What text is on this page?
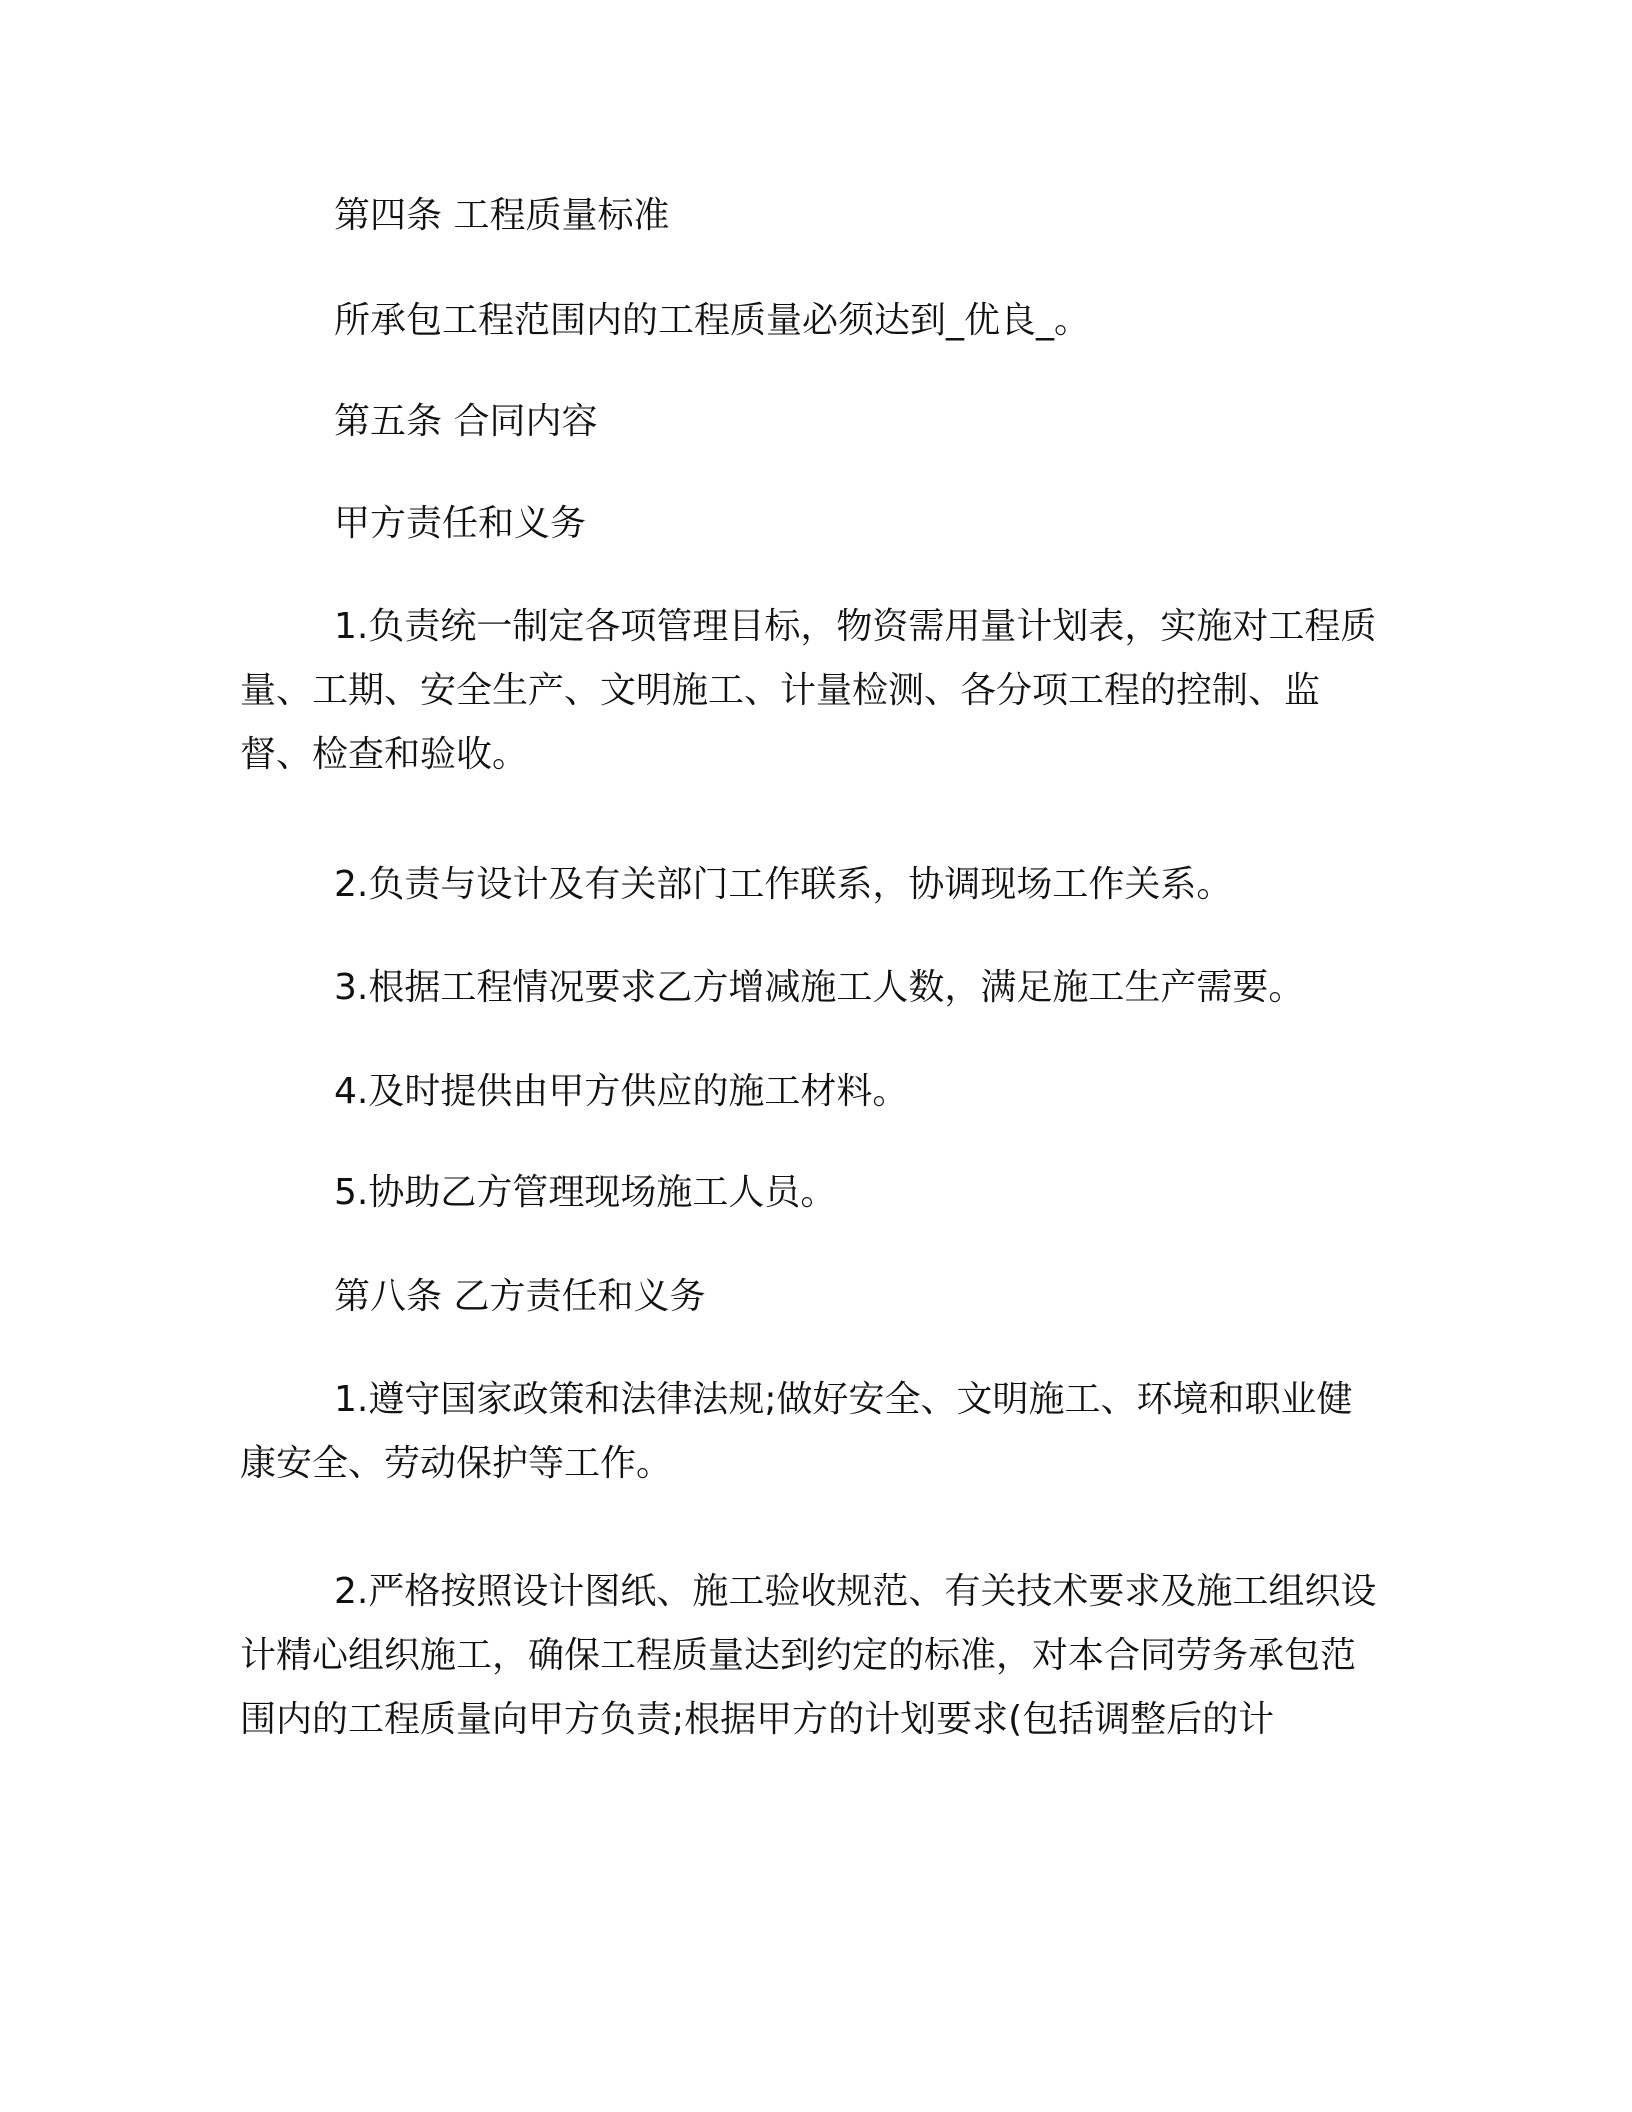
第四条 工程质量标准

所承包工程范围内的工程质量必须达到_优良_。

第五条 合同内容

甲方责任和义务

1.负责统一制定各项管理目标，物资需用量计划表，实施对工程质量、工期、安全生产、文明施工、计量检测、各分项工程的控制、监督、检查和验收。

2.负责与设计及有关部门工作联系，协调现场工作关系。

3.根据工程情况要求乙方增减施工人数，满足施工生产需要。

4.及时提供由甲方供应的施工材料。

5.协助乙方管理现场施工人员。

第八条 乙方责任和义务

1.遵守国家政策和法律法规;做好安全、文明施工、环境和职业健康安全、劳动保护等工作。

2.严格按照设计图纸、施工验收规范、有关技术要求及施工组织设计精心组织施工，确保工程质量达到约定的标准，对本合同劳务承包范围内的工程质量向甲方负责;根据甲方的计划要求(包括调整后的计
